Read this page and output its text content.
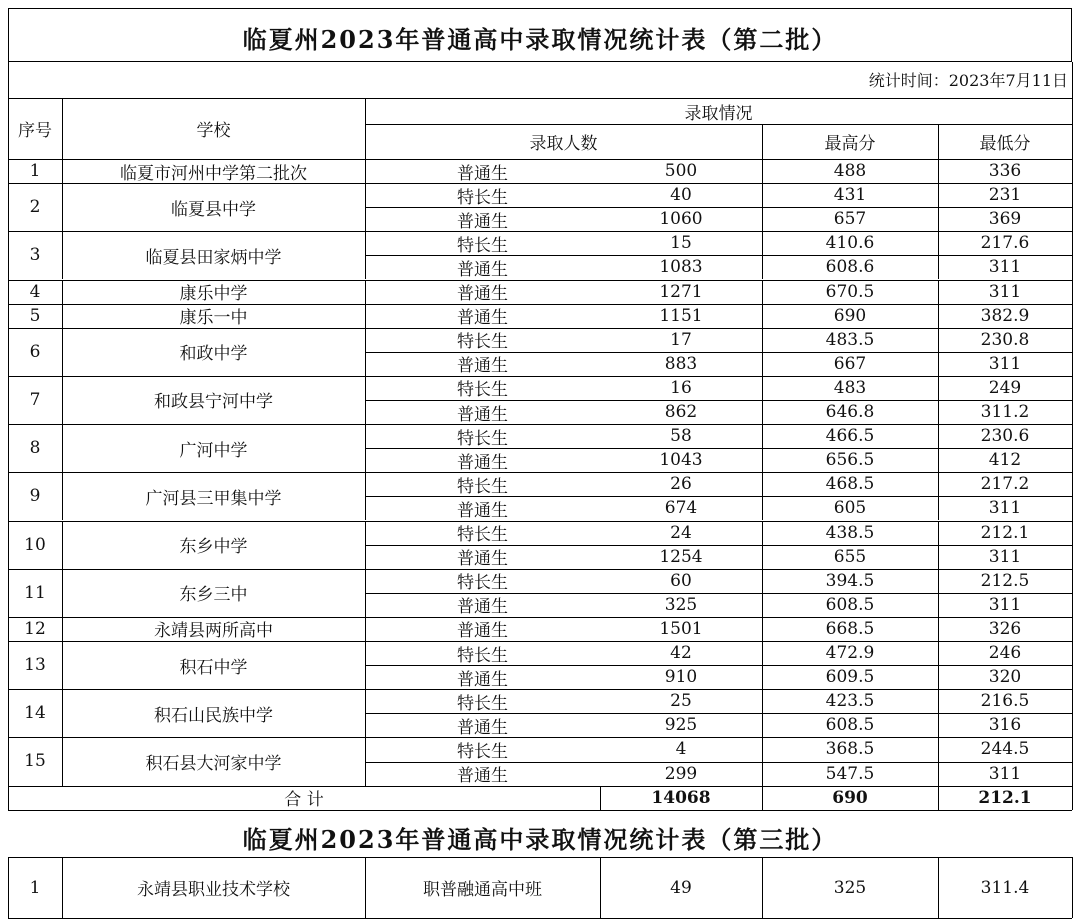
临夏州2023年普通高中录取情况统计表（第二批）
统计时间：2023年7月11日
临夏州2023年普通高中录取情况统计表（第三批）
序号	学校
录取情况
录取人数	最高分	最低分
1	临夏市河州中学第二批次	普通生	500	488	336
2	临夏县中学
特长生	40	431	231
普通生	1060	657	369
3	临夏县田家炳中学
特长生	15	410.6	217.6
普通生	1083	608.6	311
4	康乐中学	普通生	1271	670.5	311
5	康乐一中	普通生	1151	690	382.9
6	和政中学
特长生	17	483.5	230.8
普通生	883	667	311
7	和政县宁河中学
特长生	16	483	249
普通生	862	646.8	311.2
8	广河中学
特长生	58	466.5	230.6
普通生	1043	656.5	412
9	广河县三甲集中学
特长生	26	468.5	217.2
普通生	674	605	311
10	东乡中学
特长生	24	438.5	212.1
普通生	1254	655	311
11	东乡三中
特长生	60	394.5	212.5
普通生	325	608.5	311
12	永靖县两所高中	普通生	1501	668.5	326
13	积石中学
特长生	42	472.9	246
普通生	910	609.5	320
14	积石山民族中学
特长生	25	423.5	216.5
普通生	925	608.5	316
15	积石县大河家中学
特长生	4	368.5	244.5
普通生	299	547.5	311
合 计	14068	690	212.1
1	永靖县职业技术学校	职普融通高中班	49	325	311.4
